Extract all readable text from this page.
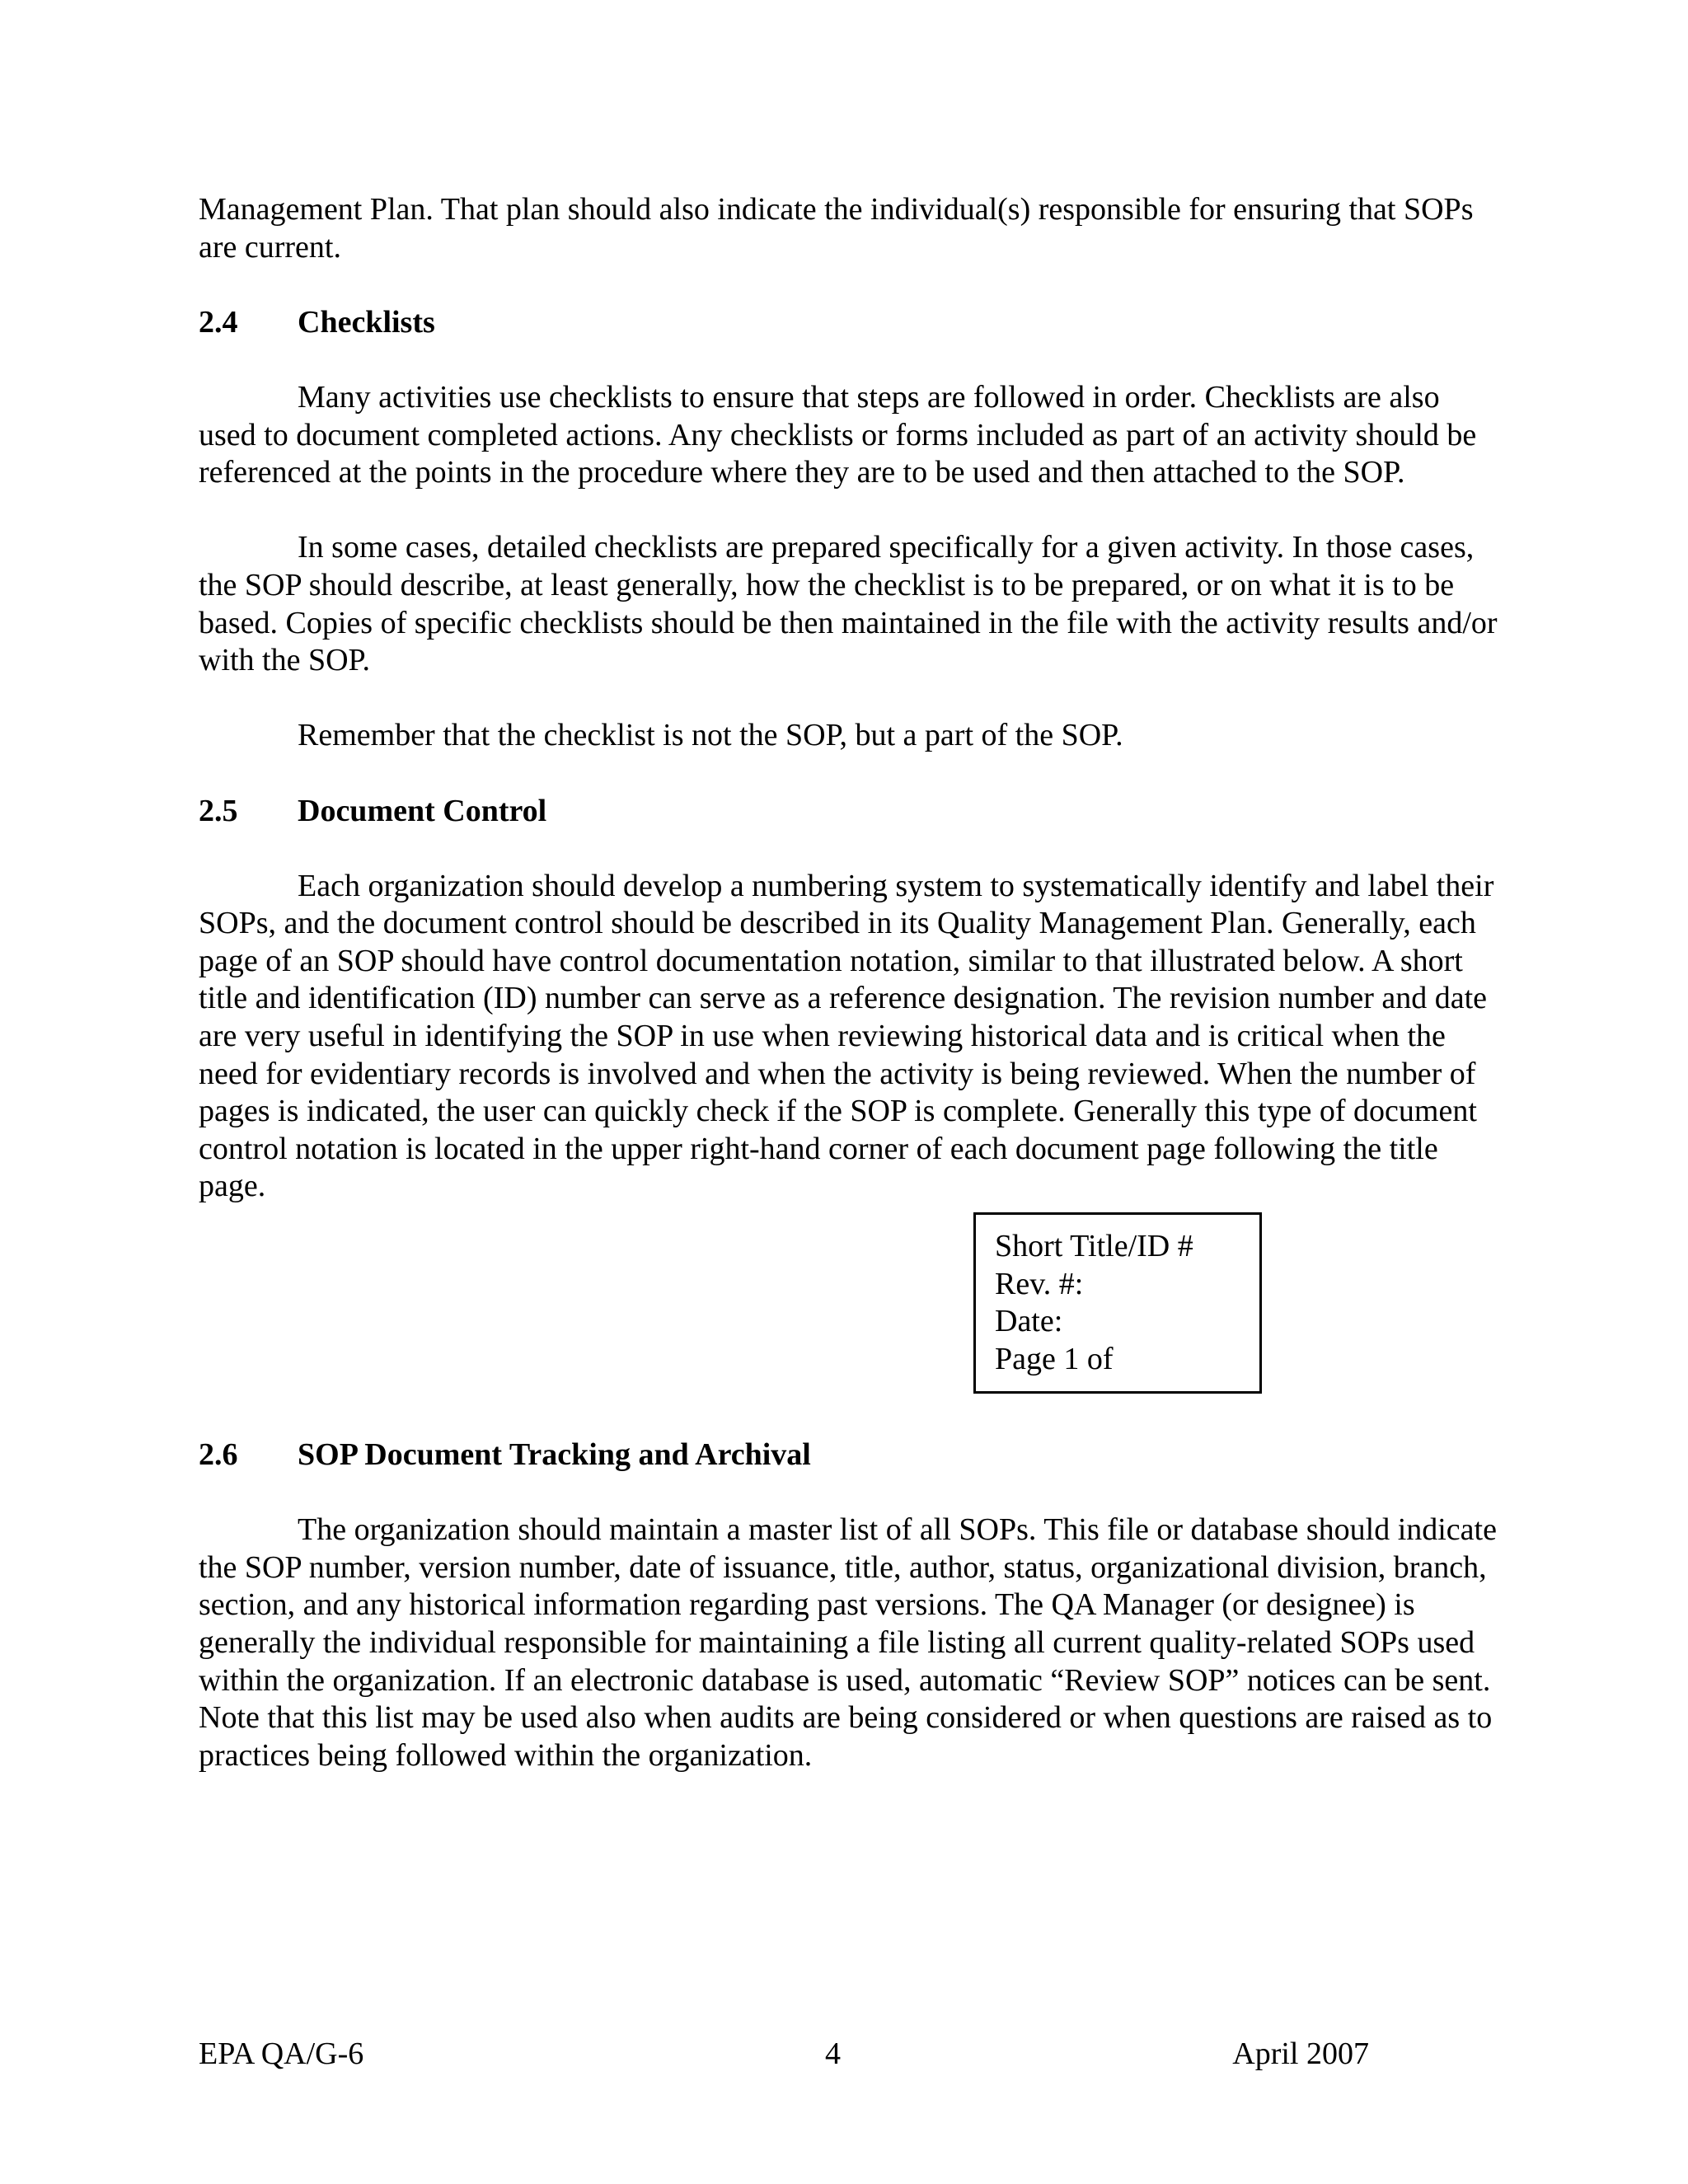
Management Plan. That plan should also indicate the individual(s) responsible for ensuring that SOPs are current.

2.4	Checklists

Many activities use checklists to ensure that steps are followed in order. Checklists are also used to document completed actions. Any checklists or forms included as part of an activity should be referenced at the points in the procedure where they are to be used and then attached to the SOP.

In some cases, detailed checklists are prepared specifically for a given activity. In those cases, the SOP should describe, at least generally, how the checklist is to be prepared, or on what it is to be based. Copies of specific checklists should be then maintained in the file with the activity results and/or with the SOP.

Remember that the checklist is not the SOP, but a part of the SOP.

2.5	Document Control

Each organization should develop a numbering system to systematically identify and label their SOPs, and the document control should be described in its Quality Management Plan. Generally, each page of an SOP should have control documentation notation, similar to that illustrated below. A short title and identification (ID) number can serve as a reference designation. The revision number and date are very useful in identifying the SOP in use when reviewing historical data and is critical when the need for evidentiary records is involved and when the activity is being reviewed. When the number of pages is indicated, the user can quickly check if the SOP is complete. Generally this type of document control notation is located in the upper right-hand corner of each document page following the title page.

Short Title/ID #
Rev. #:
Date:
Page 1 of
2.6	SOP Document Tracking and Archival

The organization should maintain a master list of all SOPs. This file or database should indicate the SOP number, version number, date of issuance, title, author, status, organizational division, branch, section, and any historical information regarding past versions. The QA Manager (or designee) is generally the individual responsible for maintaining a file listing all current quality-related SOPs used within the organization. If an electronic database is used, automatic “Review SOP” notices can be sent. Note that this list may be used also when audits are being considered or when questions are raised as to practices being followed within the organization.

EPA QA/G-6	4	April 2007
